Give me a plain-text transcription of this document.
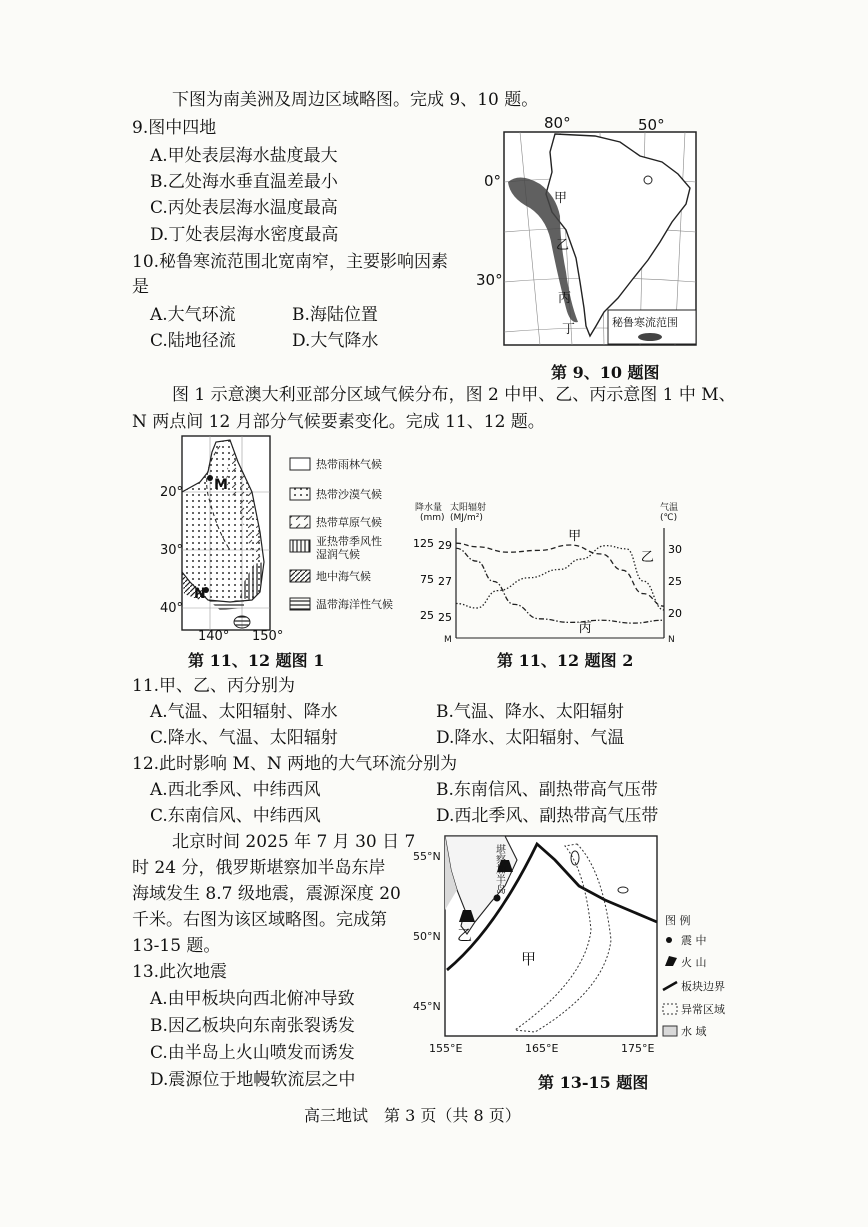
下图为南美洲及周边区域略图。完成 9、10 题。
9.图中四地
A.甲处表层海水盐度最大
B.乙处海水垂直温差最小
C.丙处表层海水温度最高
D.丁处表层海水密度最高
10.秘鲁寒流范围北宽南窄，主要影响因素
是
A.大气环流	B.海陆位置
C.陆地径流	D.大气降水
甲
乙
丙
丁
80°	50°
0°
秘鲁寒流范围
30°
第 9、10 题图
图 1 示意澳大利亚部分区域气候分布，图 2 中甲、乙、丙示意图 1 中 M、
N 两点间 12 月部分气候要素变化。完成 11、12 题。
M
N
20°
30°
40°
140° 150°
热带雨林气候
热带沙漠气候
热带草原气候
亚热带季风性
湿润气候
地中海气候
温带海洋性气候
第 11、12 题图 1
降水量
(mm)
太阳辐射
(MJ/m²)
气温
(℃)
M	N
25
75
125
25
27
29
20
25
30
甲
乙
丙
第 11、12 题图 2
11.甲、乙、丙分别为
A.气温、太阳辐射、降水	B.气温、降水、太阳辐射
C.降水、气温、太阳辐射	D.降水、太阳辐射、气温
12.此时影响 M、N 两地的大气环流分别为
A.西北季风、中纬西风	B.东南信风、副热带高气压带
C.东南信风、中纬西风	D.西北季风、副热带高气压带
北京时间 2025 年 7 月 30 日 7
时 24 分，俄罗斯堪察加半岛东岸
海域发生 8.7 级地震，震源深度 20
千米。右图为该区域略图。完成第
13-15 题。
13.此次地震
A.由甲板块向西北俯冲导致
B.因乙板块向东南张裂诱发
C.由半岛上火山喷发而诱发
D.震源位于地幔软流层之中
堪察加半岛
甲
乙
55°N
50°N
45°N
155°E	165°E	175°E
图 例
震 中
火 山
板块边界
异常区域
水 域
第 13-15 题图
高三地试　第 3 页（共 8 页）
